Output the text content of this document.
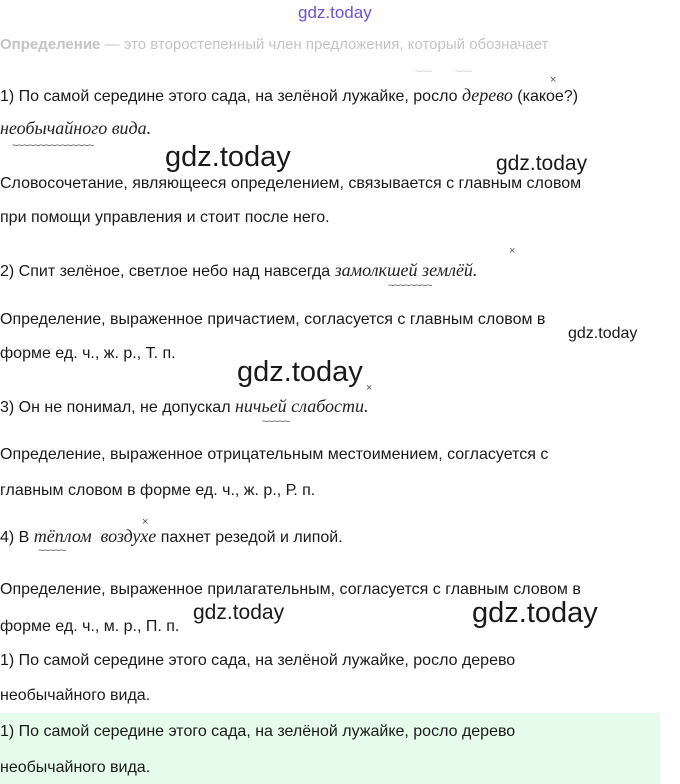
gdz.today
Определение — это второстепенный член предложения, который обозначает
~~~ ~~~
×
1) По самой середине этого сада, на зелёной лужайке, росло дерево (какое?)
необычайного вида.
~~~~~~~~~~~~~~~ gdz.today	gdz.today
Словосочетание, являющееся определением, связывается с главным словом
при помощи управления и стоит после него.
×
2) Спит зелёное, светлое небо над навсегда замолкшей землёй.
~~~~~~~~
Определение, выраженное причастием, согласуется с главным словом в
gdz.today
форме ед. ч., ж. р., Т. п.
gdz.today ×
3) Он не понимал, не допускал ничьей слабости.
~~~~~
Определение, выраженное отрицательным местоимением, согласуется с
главным словом в форме ед. ч., ж. р., Р. п.
×
4) В тёплом воздухе пахнет резедой и липой.
~~~~~
Определение, выраженное прилагательным, согласуется с главным словом в
gdz.today	gdz.today
форме ед. ч., м. р., П. п.
1) По самой середине этого сада, на зелёной лужайке, росло дерево
необычайного вида.
1) По самой середине этого сада, на зелёной лужайке, росло дерево
необычайного вида.
